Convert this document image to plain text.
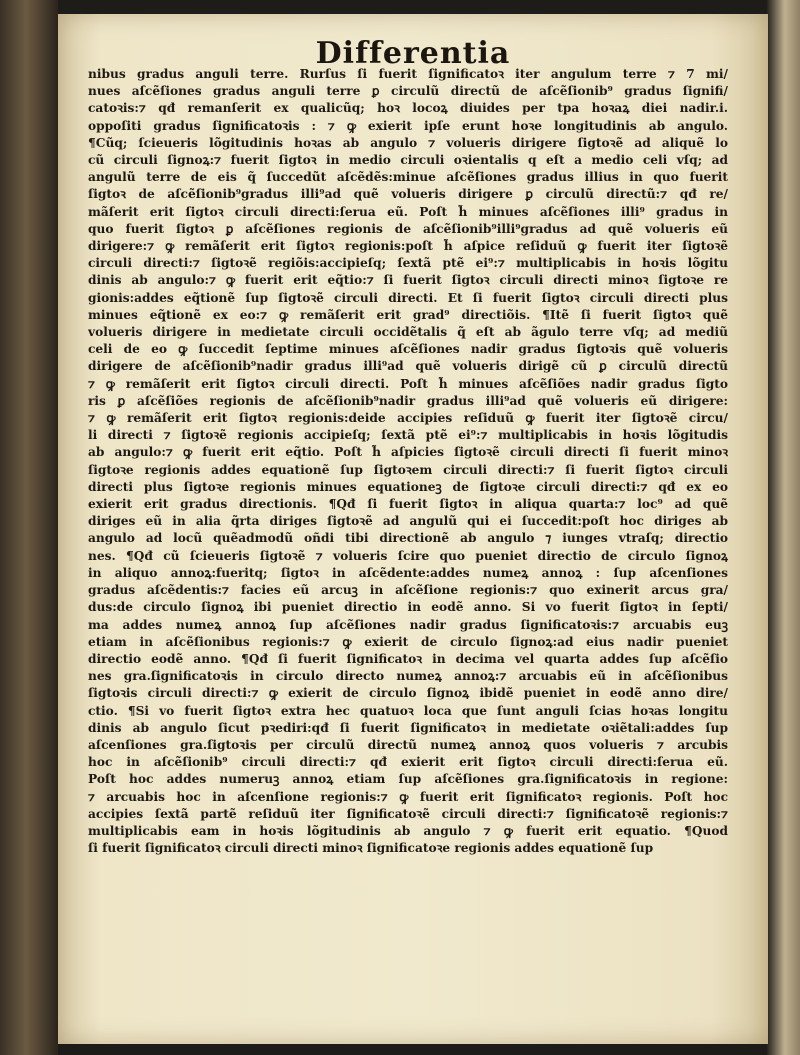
Differentia
nibus gradus anguli terre. Rurſus ſi fuerit ſignificatoꝛ iter angulum terre ⁊ 7 mi/
nues aſcẽſiones gradus anguli terre ꝑ circulũ directũ de aſcẽſionib⁹ gradus ſignifi/
catoꝛis:⁊ qđ remanſerit ex qualicũq; hoꝛ locoꝝ diuides per tpa hoꝛaꝝ diei nadir.i.
oppoſiti gradus ſignificatoꝛis : ⁊ ꝙ exierit ipſe erunt hoꝛe longitudinis ab angulo.
¶Cũq; ſcieueris lõgitudinis hoꝛas ab angulo ⁊ volueris dirigere ſigtoꝛẽ ad aliquẽ lo
cũ circuli ſignoꝝ:⁊ fuerit ſigtoꝛ in medio circuli oꝛientalis q eſt a medio celi vſq; ad
angulũ terre de eis q̃ ſuccedũt aſcẽdẽs:minue aſcẽſiones gradus illius in quo fuerit
ſigtoꝛ de aſcẽſionib⁹gradus illi⁹ad quẽ volueris dirigere ꝑ circulũ directũ:⁊ qđ re/
mãſerit erit ſigtoꝛ circuli directi:ſerua eũ. Poſt h̃ minues aſcẽſiones illi⁹ gradus in
quo fuerit ſigtoꝛ ꝑ aſcẽſiones regionis de aſcẽſionib⁹illi⁹gradus ad quẽ volueris eũ
dirigere:⁊ ꝙ remãſerit erit ſigtoꝛ regionis:poſt h̃ aſpice reſiduũ ꝙ fuerit iter ſigtoꝛẽ
circuli directi:⁊ ſigtoꝛẽ regiõis:accipieſq; ſextã ptẽ ei⁹:⁊ multiplicabis in hoꝛis lõgitu
dinis ab angulo:⁊ ꝙ fuerit erit eq̃tio:⁊ ſi fuerit ſigtoꝛ circuli directi minoꝛ ſigtoꝛe re
gionis:addes eq̃tionẽ ſup ſigtoꝛẽ circuli directi. Et ſi fuerit ſigtoꝛ circuli directi plus
minues eq̃tionẽ ex eo:⁊ ꝙ remãſerit erit grad⁹ directiõis. ¶Itẽ ſi fuerit ſigtoꝛ quẽ
volueris dirigere in medietate circuli occidẽtalis q̃ eſt ab ãgulo terre vſq; ad mediũ
celi de eo ꝙ ſuccedit ſeptime minues aſcẽſiones nadir gradus ſigtoꝛis quẽ volueris
dirigere de aſcẽſionib⁹nadir gradus illi⁹ad quẽ volueris dirigẽ cũ ꝑ circulũ directũ
⁊ ꝙ remãſerit erit ſigtoꝛ circuli directi. Poſt h̃ minues aſcẽſiões nadir gradus ſigto
ris ꝑ aſcẽſiões regionis de aſcẽſionib⁹nadir gradus illi⁹ad quẽ volueris eũ dirigere:
⁊ ꝙ remãſerit erit ſigtoꝛ regionis:deide accipies reſiduũ ꝙ fuerit iter ſigtoꝛẽ circu/
li directi ⁊ ſigtoꝛẽ regionis accipieſq; ſextã ptẽ ei⁹:⁊ multiplicabis in hoꝛis lõgitudis
ab angulo:⁊ ꝙ fuerit erit eq̃tio. Poſt h̃ aſpicies ſigtoꝛẽ circuli directi ſi fuerit minoꝛ
ſigtoꝛe regionis addes equationẽ ſup ſigtoꝛem circuli directi:⁊ ſi fuerit ſigtoꝛ circuli
directi plus ſigtoꝛe regionis minues equationeꝫ de ſigtoꝛe circuli directi:⁊ qđ ex eo
exierit erit gradus directionis. ¶Qđ ſi fuerit ſigtoꝛ in aliqua quarta:⁊ loc⁹ ad quẽ
diriges eũ in alia q̃rta diriges ſigtoꝛẽ ad angulũ qui ei ſuccedit:poſt hoc diriges ab
angulo ad locũ quẽadmodũ oñdi tibi directionẽ ab angulo ⁊ iunges vtraſq; directio
nes. ¶Qđ cũ ſcieueris ſigtoꝛẽ ⁊ volueris ſcire quo pueniet directio de circulo ſignoꝝ
in aliquo annoꝝ:fueritq; ſigtoꝛ in aſcẽdente:addes numeꝝ annoꝝ : ſup aſcenſiones
gradus aſcẽdentis:⁊ facies eũ arcuꝫ in aſcẽſione regionis:⁊ quo exinerit arcus gra/
dus:de circulo ſignoꝝ ibi pueniet directio in eodẽ anno. Si vo fuerit ſigtoꝛ in ſepti/
ma addes numeꝝ annoꝝ ſup aſcẽſiones nadir gradus ſignificatoꝛis:⁊ arcuabis euꝫ
etiam in aſcẽſionibus regionis:⁊ ꝙ exierit de circulo ſignoꝝ:ad eius nadir pueniet
directio eodẽ anno. ¶Qđ ſi fuerit ſignificatoꝛ in decima vel quarta addes ſup aſcẽſio
nes gra.ſignificatoꝛis in circulo directo numeꝝ annoꝝ:⁊ arcuabis eũ in aſcẽſionibus
ſigtoꝛis circuli directi:⁊ ꝙ exierit de circulo ſignoꝝ ibidẽ pueniet in eodẽ anno dire/
ctio. ¶Si vo fuerit ſigtoꝛ extra hec quatuoꝛ loca que ſunt anguli ſcias hoꝛas longitu
dinis ab angulo ſicut pꝛediri:qđ ſi fuerit ſignificatoꝛ in medietate oꝛiẽtali:addes ſup
aſcenſiones gra.ſigtoꝛis per circulũ directũ numeꝝ annoꝝ quos volueris ⁊ arcubis
hoc in aſcẽſionib⁹ circuli directi:⁊ qđ exierit erit ſigtoꝛ circuli directi:ſerua eũ.
Poſt hoc addes numeruꝫ annoꝝ etiam ſup aſcẽſiones gra.ſignificatoꝛis in regione:
⁊ arcuabis hoc in aſcenſione regionis:⁊ ꝙ fuerit erit ſignificatoꝛ regionis. Poſt hoc
accipies ſextã partẽ reſiduũ iter ſignificatoꝛẽ circuli directi:⁊ ſignificatoꝛẽ regionis:⁊
multiplicabis eam in hoꝛis lõgitudinis ab angulo ⁊ ꝙ fuerit erit equatio. ¶Quod
ſi fuerit ſignificatoꝛ circuli directi minoꝛ ſignificatoꝛe regionis addes equationẽ ſup
